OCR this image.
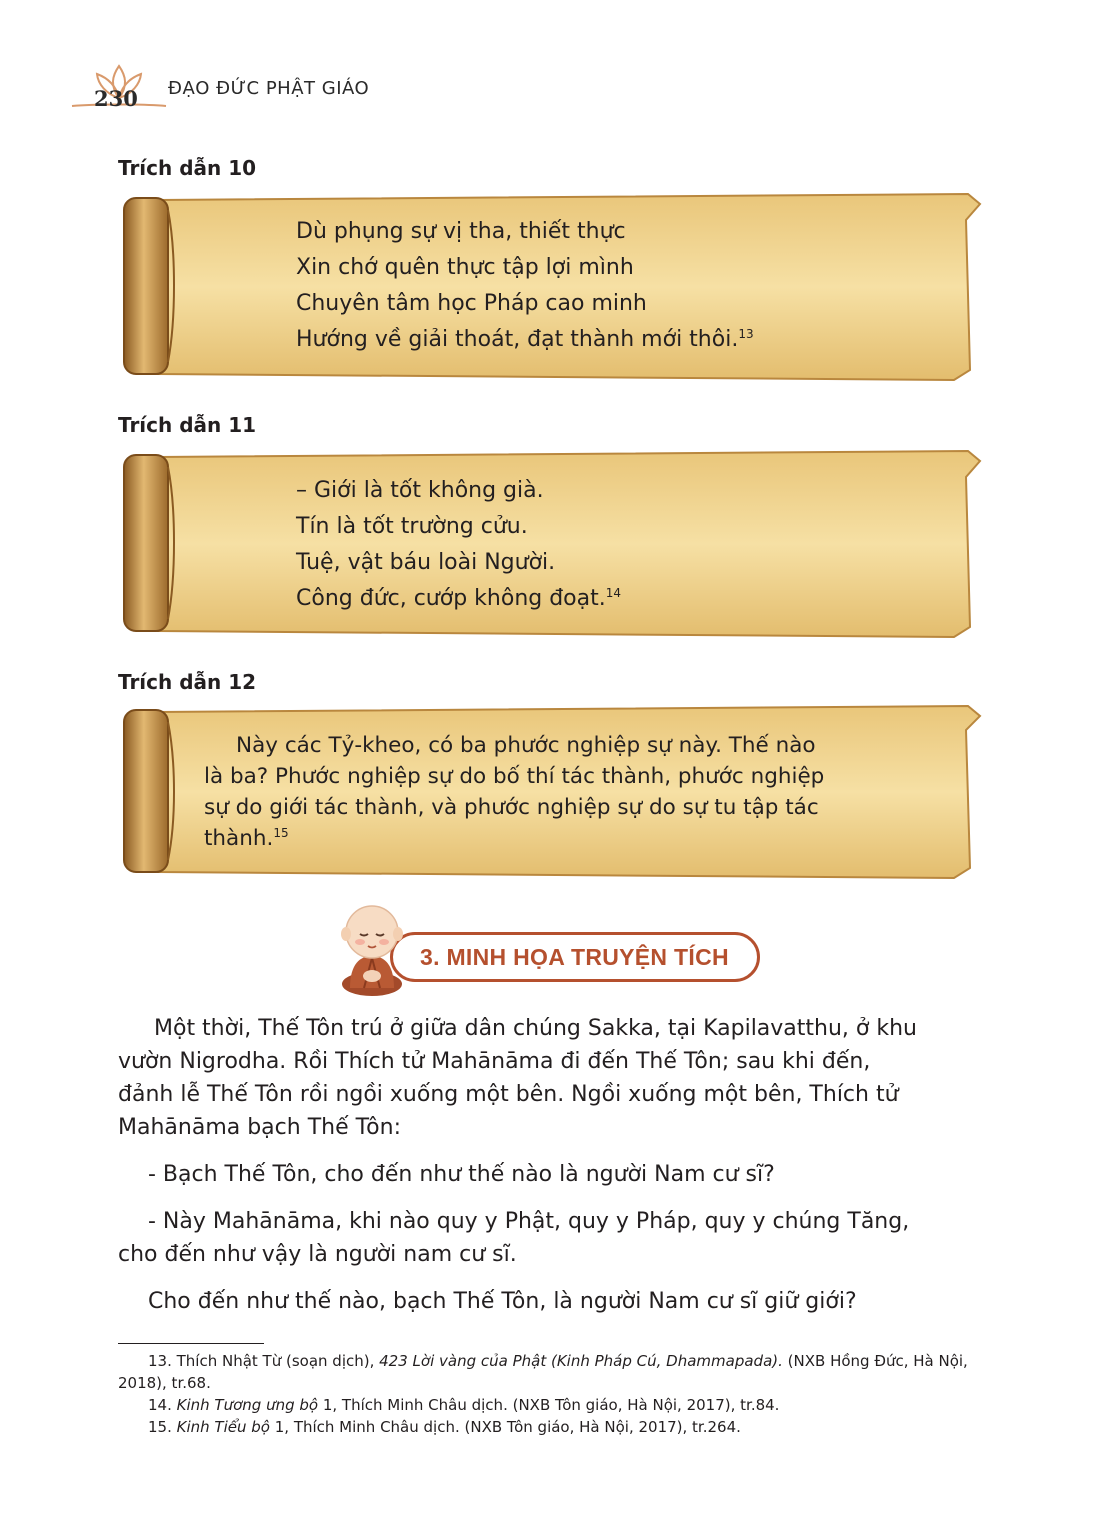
230 ĐẠO ĐỨC PHẬT GIÁO
Trích dẫn 10
Dù phụng sự vị tha, thiết thực
Xin chớ quên thực tập lợi mình
Chuyên tâm học Pháp cao minh
Hướng về giải thoát, đạt thành mới thôi.$^{13}$
Trích dẫn 11
– Giới là tốt không già.
Tín là tốt trường cửu.
Tuệ, vật báu loài Người.
Công đức, cướp không đoạt.$^{14}$
Trích dẫn 12
Này các Tỷ-kheo, có ba phước nghiệp sự này. Thế nào
là ba? Phước nghiệp sự do bố thí tác thành, phước nghiệp
sự do giới tác thành, và phước nghiệp sự do sự tu tập tác
thành.$^{15}$
3. MINH HỌA TRUYỆN TÍCH

Một thời, Thế Tôn trú ở giữa dân chúng Sakka, tại Kapilavatthu, ở khu
vườn Nigrodha. Rồi Thích tử Mahānāma đi đến Thế Tôn; sau khi đến,
đảnh lễ Thế Tôn rồi ngồi xuống một bên. Ngồi xuống một bên, Thích tử
Mahānāma bạch Thế Tôn:

- Bạch Thế Tôn, cho đến như thế nào là người Nam cư sĩ?

- Này Mahānāma, khi nào quy y Phật, quy y Pháp, quy y chúng Tăng,
cho đến như vậy là người nam cư sĩ.

Cho đến như thế nào, bạch Thế Tôn, là người Nam cư sĩ giữ giới?

13. Thích Nhật Từ (soạn dịch), 423 Lời vàng của Phật (Kinh Pháp Cú, Dhammapada). (NXB Hồng Đức, Hà Nội, 2018), tr.68.

14. Kinh Tương ưng bộ 1, Thích Minh Châu dịch. (NXB Tôn giáo, Hà Nội, 2017), tr.84.

15. Kinh Tiểu bộ 1, Thích Minh Châu dịch. (NXB Tôn giáo, Hà Nội, 2017), tr.264.
